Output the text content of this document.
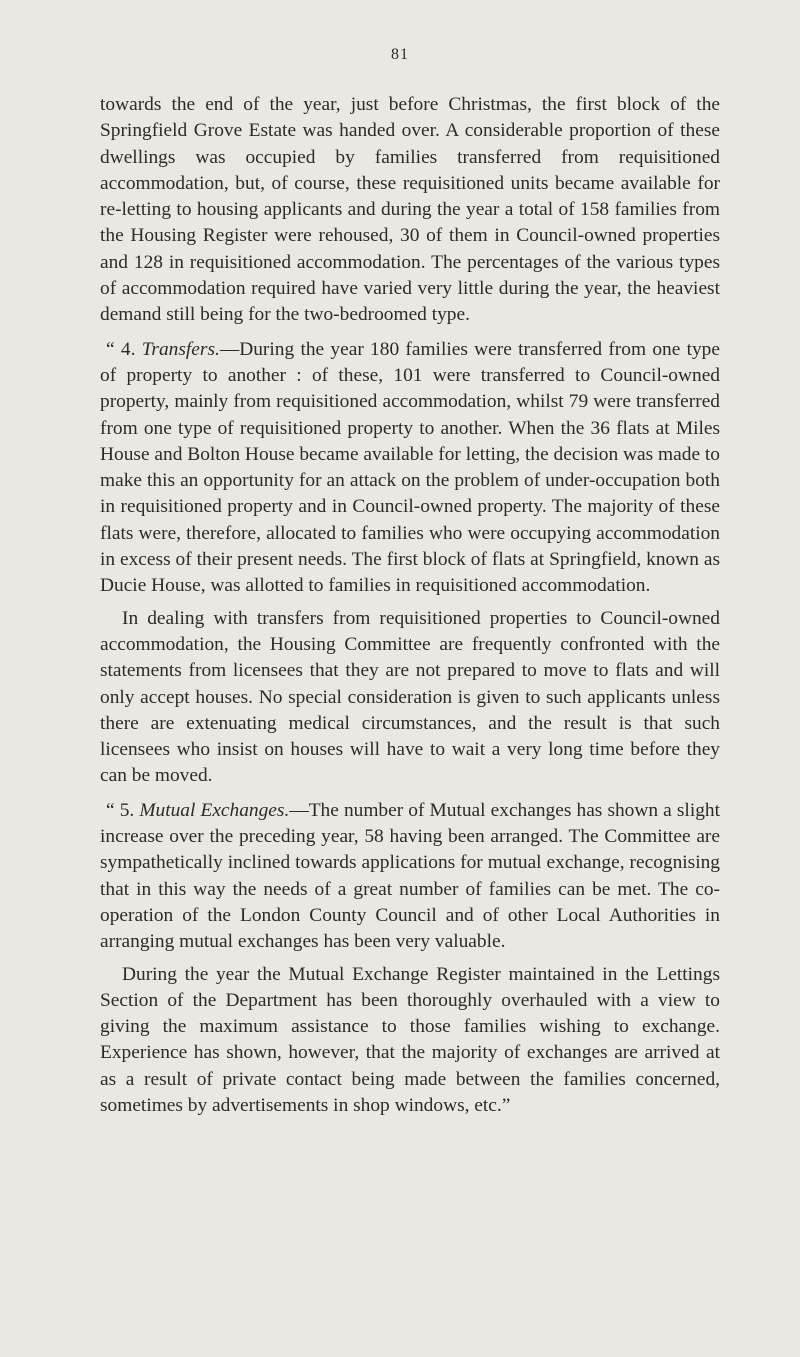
81

towards the end of the year, just before Christmas, the first block of the Springfield Grove Estate was handed over. A considerable proportion of these dwellings was occupied by families transferred from requisitioned accommodation, but, of course, these requisitioned units became available for re-letting to housing applicants and during the year a total of 158 families from the Housing Register were rehoused, 30 of them in Council-owned properties and 128 in requisitioned accommodation. The percentages of the various types of accommodation required have varied very little during the year, the heaviest demand still being for the two-bedroomed type.

“ 4. Transfers.—During the year 180 families were transferred from one type of property to another : of these, 101 were transferred to Council-owned property, mainly from requisitioned accommodation, whilst 79 were transferred from one type of requisitioned property to another. When the 36 flats at Miles House and Bolton House became available for letting, the decision was made to make this an opportunity for an attack on the problem of under-occupation both in requisitioned property and in Council-owned property. The majority of these flats were, therefore, allocated to families who were occupying accommodation in excess of their present needs. The first block of flats at Springfield, known as Ducie House, was allotted to families in requisitioned accommodation.

In dealing with transfers from requisitioned properties to Council-owned accommodation, the Housing Committee are frequently confronted with the statements from licensees that they are not prepared to move to flats and will only accept houses. No special consideration is given to such applicants unless there are extenuating medical circumstances, and the result is that such licensees who insist on houses will have to wait a very long time before they can be moved.

“ 5. Mutual Exchanges.—The number of Mutual exchanges has shown a slight increase over the preceding year, 58 having been arranged. The Committee are sympathetically inclined towards applications for mutual exchange, recognising that in this way the needs of a great number of families can be met. The co-operation of the London County Council and of other Local Authorities in arranging mutual exchanges has been very valuable.

During the year the Mutual Exchange Register maintained in the Lettings Section of the Department has been thoroughly overhauled with a view to giving the maximum assistance to those families wishing to exchange. Experience has shown, however, that the majority of exchanges are arrived at as a result of private contact being made between the families concerned, sometimes by advertisements in shop windows, etc.”
